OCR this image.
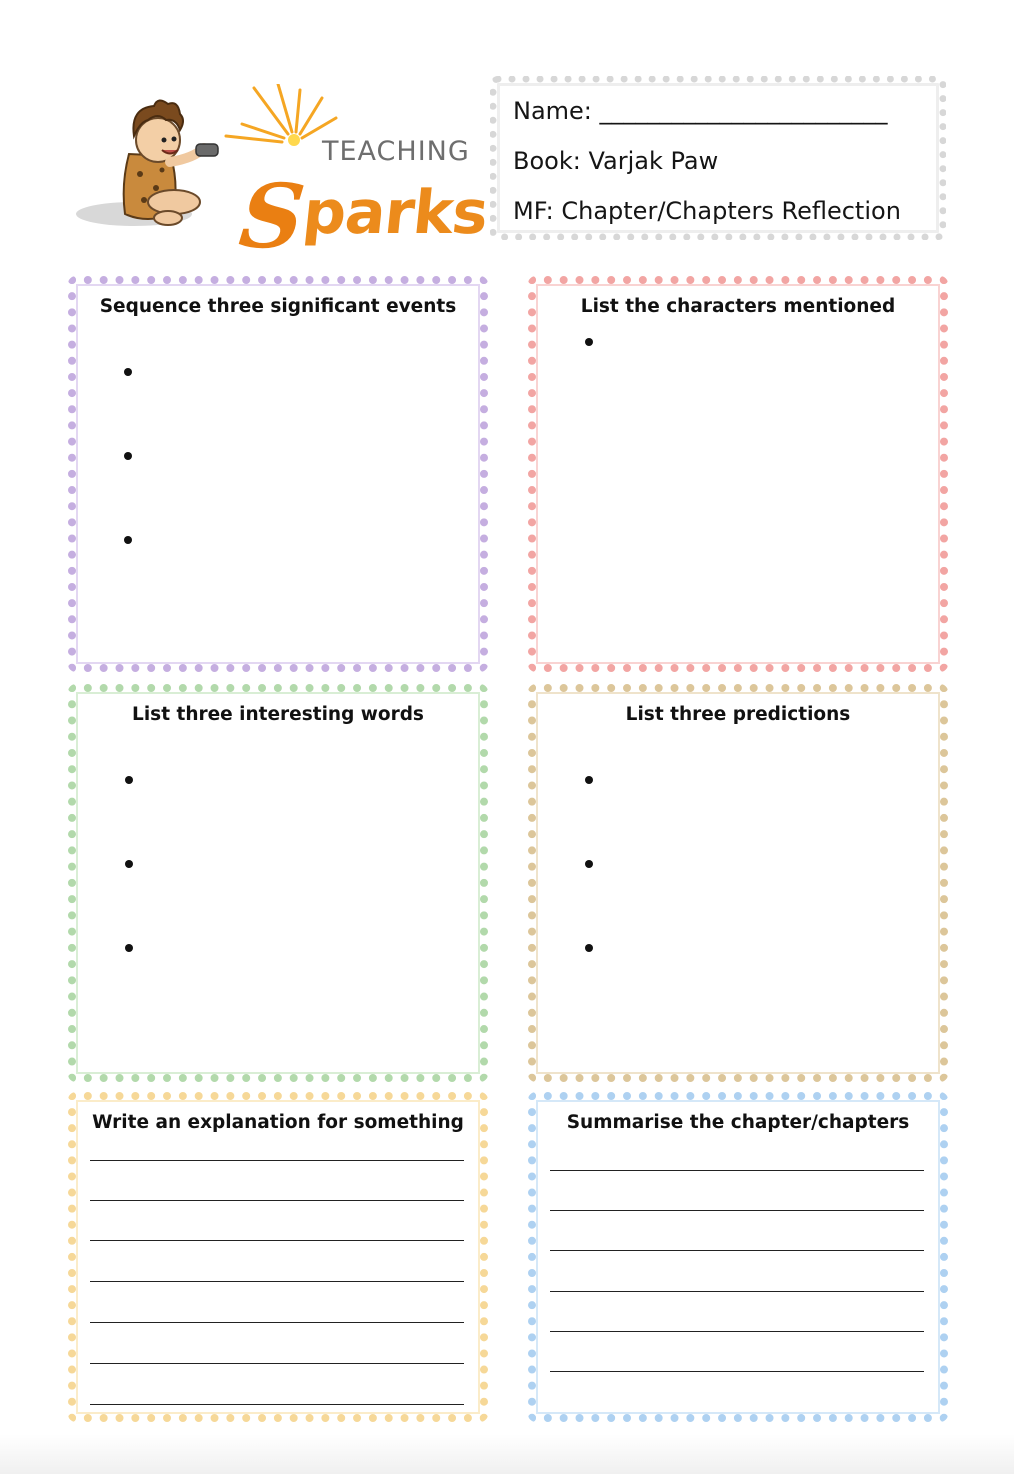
TEACHING
Sparks
Name: ________________________
Book: Varjak Paw
MF: Chapter/Chapters Reflection
Sequence three significant events	List the characters mentioned
List three interesting words	List three predictions
Write an explanation for something	Summarise the chapter/chapters
